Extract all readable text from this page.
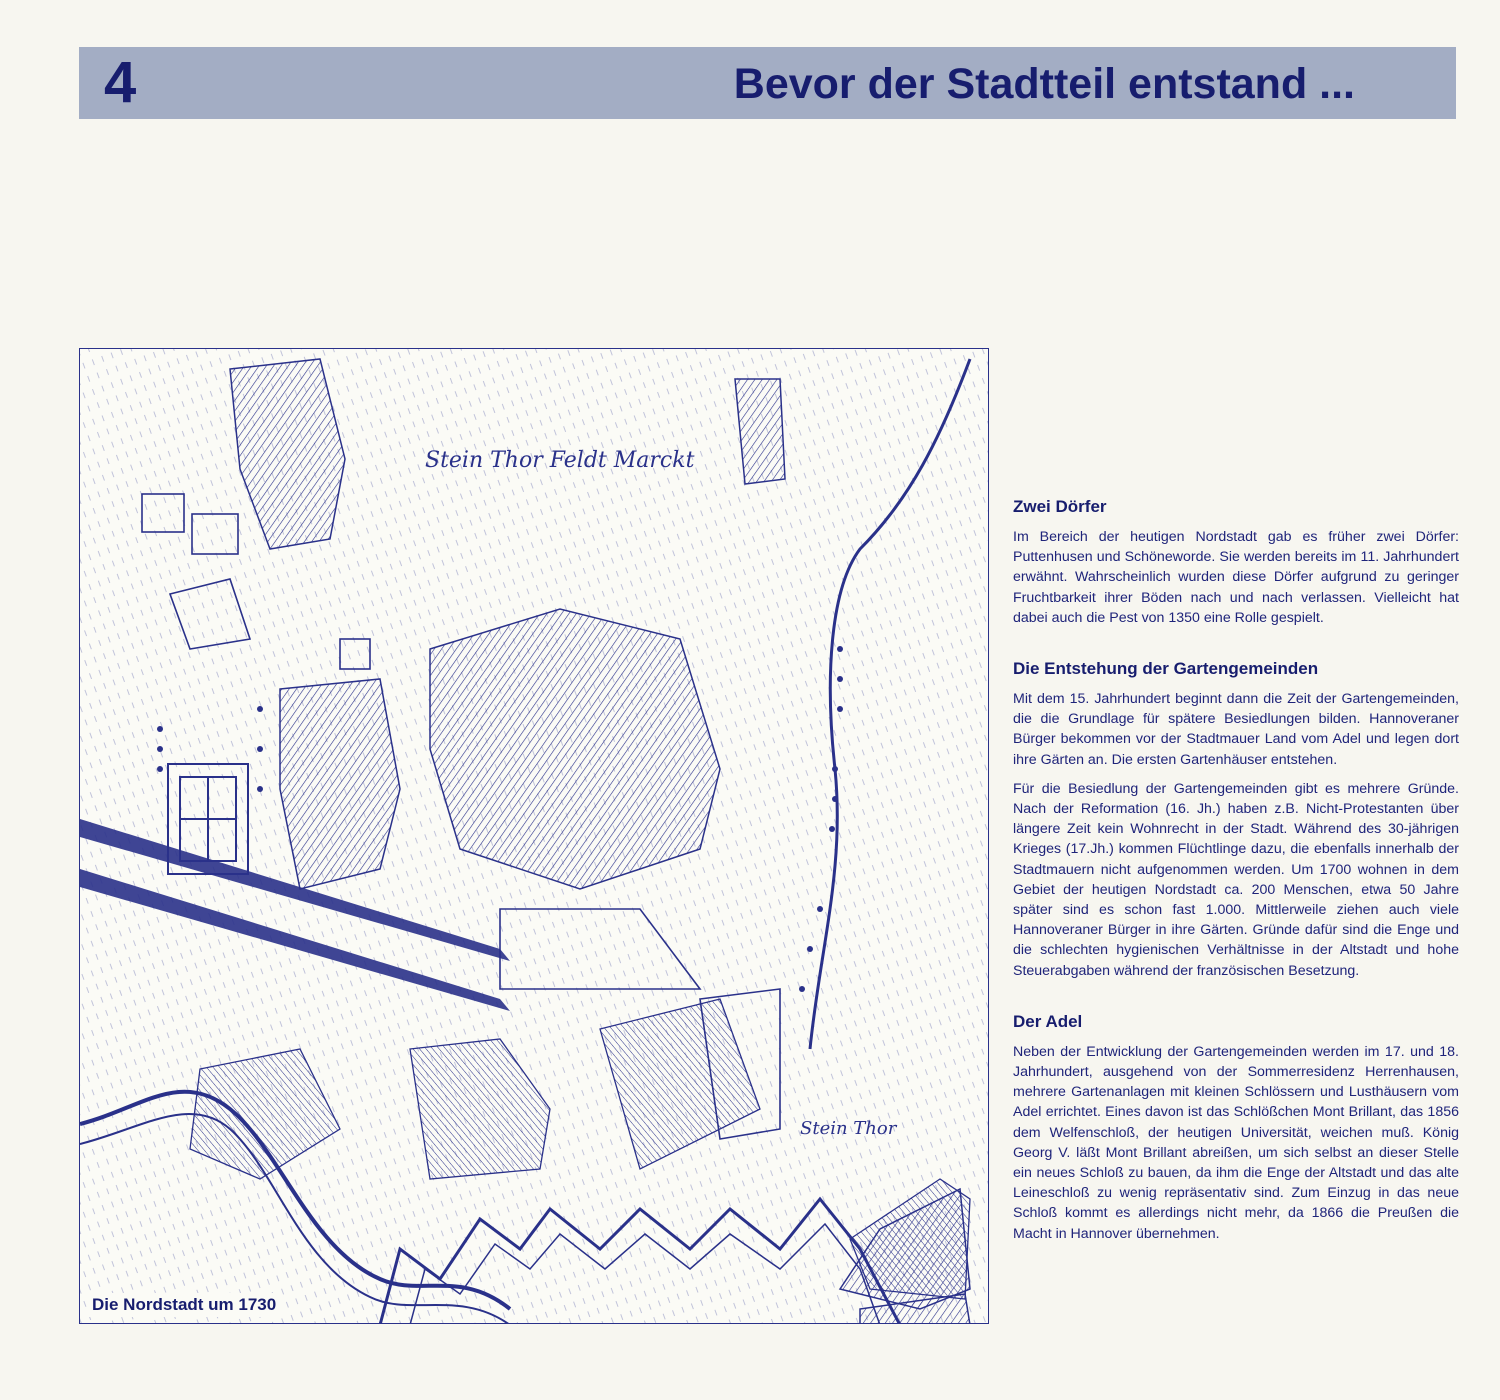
4	Bevor der Stadtteil entstand ...
Stein Thor Feldt Marckt
Stein Thor
Die Nordstadt um 1730
Zwei Dörfer

Im Bereich der heutigen Nordstadt gab es früher zwei Dörfer: Puttenhusen und Schöneworde. Sie werden bereits im 11. Jahrhundert erwähnt. Wahrscheinlich wurden diese Dörfer aufgrund zu geringer Fruchtbarkeit ihrer Böden nach und nach verlassen. Vielleicht hat dabei auch die Pest von 1350 eine Rolle gespielt.

Die Entstehung der Gartengemeinden

Mit dem 15. Jahrhundert beginnt dann die Zeit der Gartengemeinden, die die Grundlage für spätere Besiedlungen bilden. Hannoveraner Bürger bekommen vor der Stadtmauer Land vom Adel und legen dort ihre Gärten an. Die ersten Gartenhäuser entstehen.

Für die Besiedlung der Gartengemeinden gibt es mehrere Gründe. Nach der Reformation (16. Jh.) haben z.B. Nicht-Protestanten über längere Zeit kein Wohnrecht in der Stadt. Während des 30-jährigen Krieges (17.Jh.) kommen Flüchtlinge dazu, die ebenfalls innerhalb der Stadtmauern nicht aufgenommen werden. Um 1700 wohnen in dem Gebiet der heutigen Nordstadt ca. 200 Menschen, etwa 50 Jahre später sind es schon fast 1.000. Mittlerweile ziehen auch viele Hannoveraner Bürger in ihre Gärten. Gründe dafür sind die Enge und die schlechten hygienischen Verhältnisse in der Altstadt und hohe Steuerabgaben während der französischen Besetzung.

Der Adel

Neben der Entwicklung der Gartengemeinden werden im 17. und 18. Jahrhundert, ausgehend von der Sommerresidenz Herrenhausen, mehrere Gartenanlagen mit kleinen Schlössern und Lusthäusern vom Adel errichtet. Eines davon ist das Schlößchen Mont Brillant, das 1856 dem Welfenschloß, der heutigen Universität, weichen muß. König Georg V. läßt Mont Brillant abreißen, um sich selbst an dieser Stelle ein neues Schloß zu bauen, da ihm die Enge der Altstadt und das alte Leineschloß zu wenig repräsentativ sind. Zum Einzug in das neue Schloß kommt es allerdings nicht mehr, da 1866 die Preußen die Macht in Hannover übernehmen.
